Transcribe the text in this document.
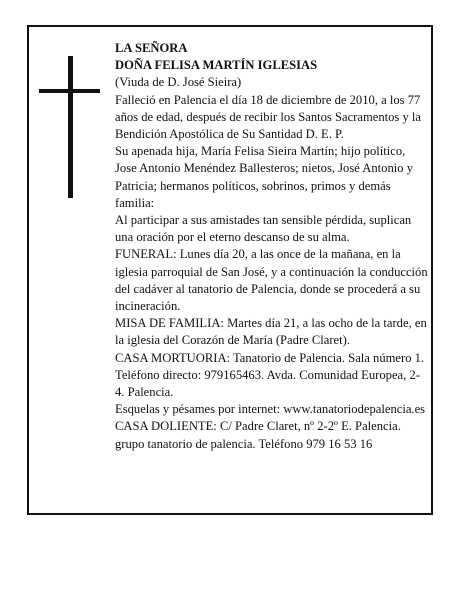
LA SEÑORA

DOÑA FELISA MARTÍN IGLESIAS

(Viuda de D. José Sieira)

Falleció en Palencia el día 18 de diciembre de 2010, a los 77 años de edad, después de recibir los Santos Sacramentos y la Bendición Apostólica de Su Santidad D. E. P.

Su apenada hija, María Felisa Sieira Martín; hijo político, Jose Antonio Menéndez Ballesteros; nietos, José Antonio y Patricia; hermanos políticos, sobrinos, primos y demás familia:

Al participar a sus amistades tan sensible pérdida, suplican una oración por el eterno descanso de su alma.

FUNERAL: Lunes día 20, a las once de la mañana, en la iglesia parroquial de San José, y a continuación la conducción del cadáver al tanatorio de Palencia, donde se procederá a su incineración.

MISA DE FAMILIA: Martes día 21, a las ocho de la tarde, en la iglesia del Corazón de María (Padre Claret).

CASA MORTUORIA: Tanatorio de Palencia. Sala número 1. Teléfono directo: 979165463. Avda. Comunidad Europea, 2-4. Palencia.

Esquelas y pésames por internet: www.tanatoriodepalencia.es

CASA DOLIENTE: C/ Padre Claret, nº 2-2º E. Palencia.

grupo tanatorio de palencia. Teléfono 979 16 53 16
